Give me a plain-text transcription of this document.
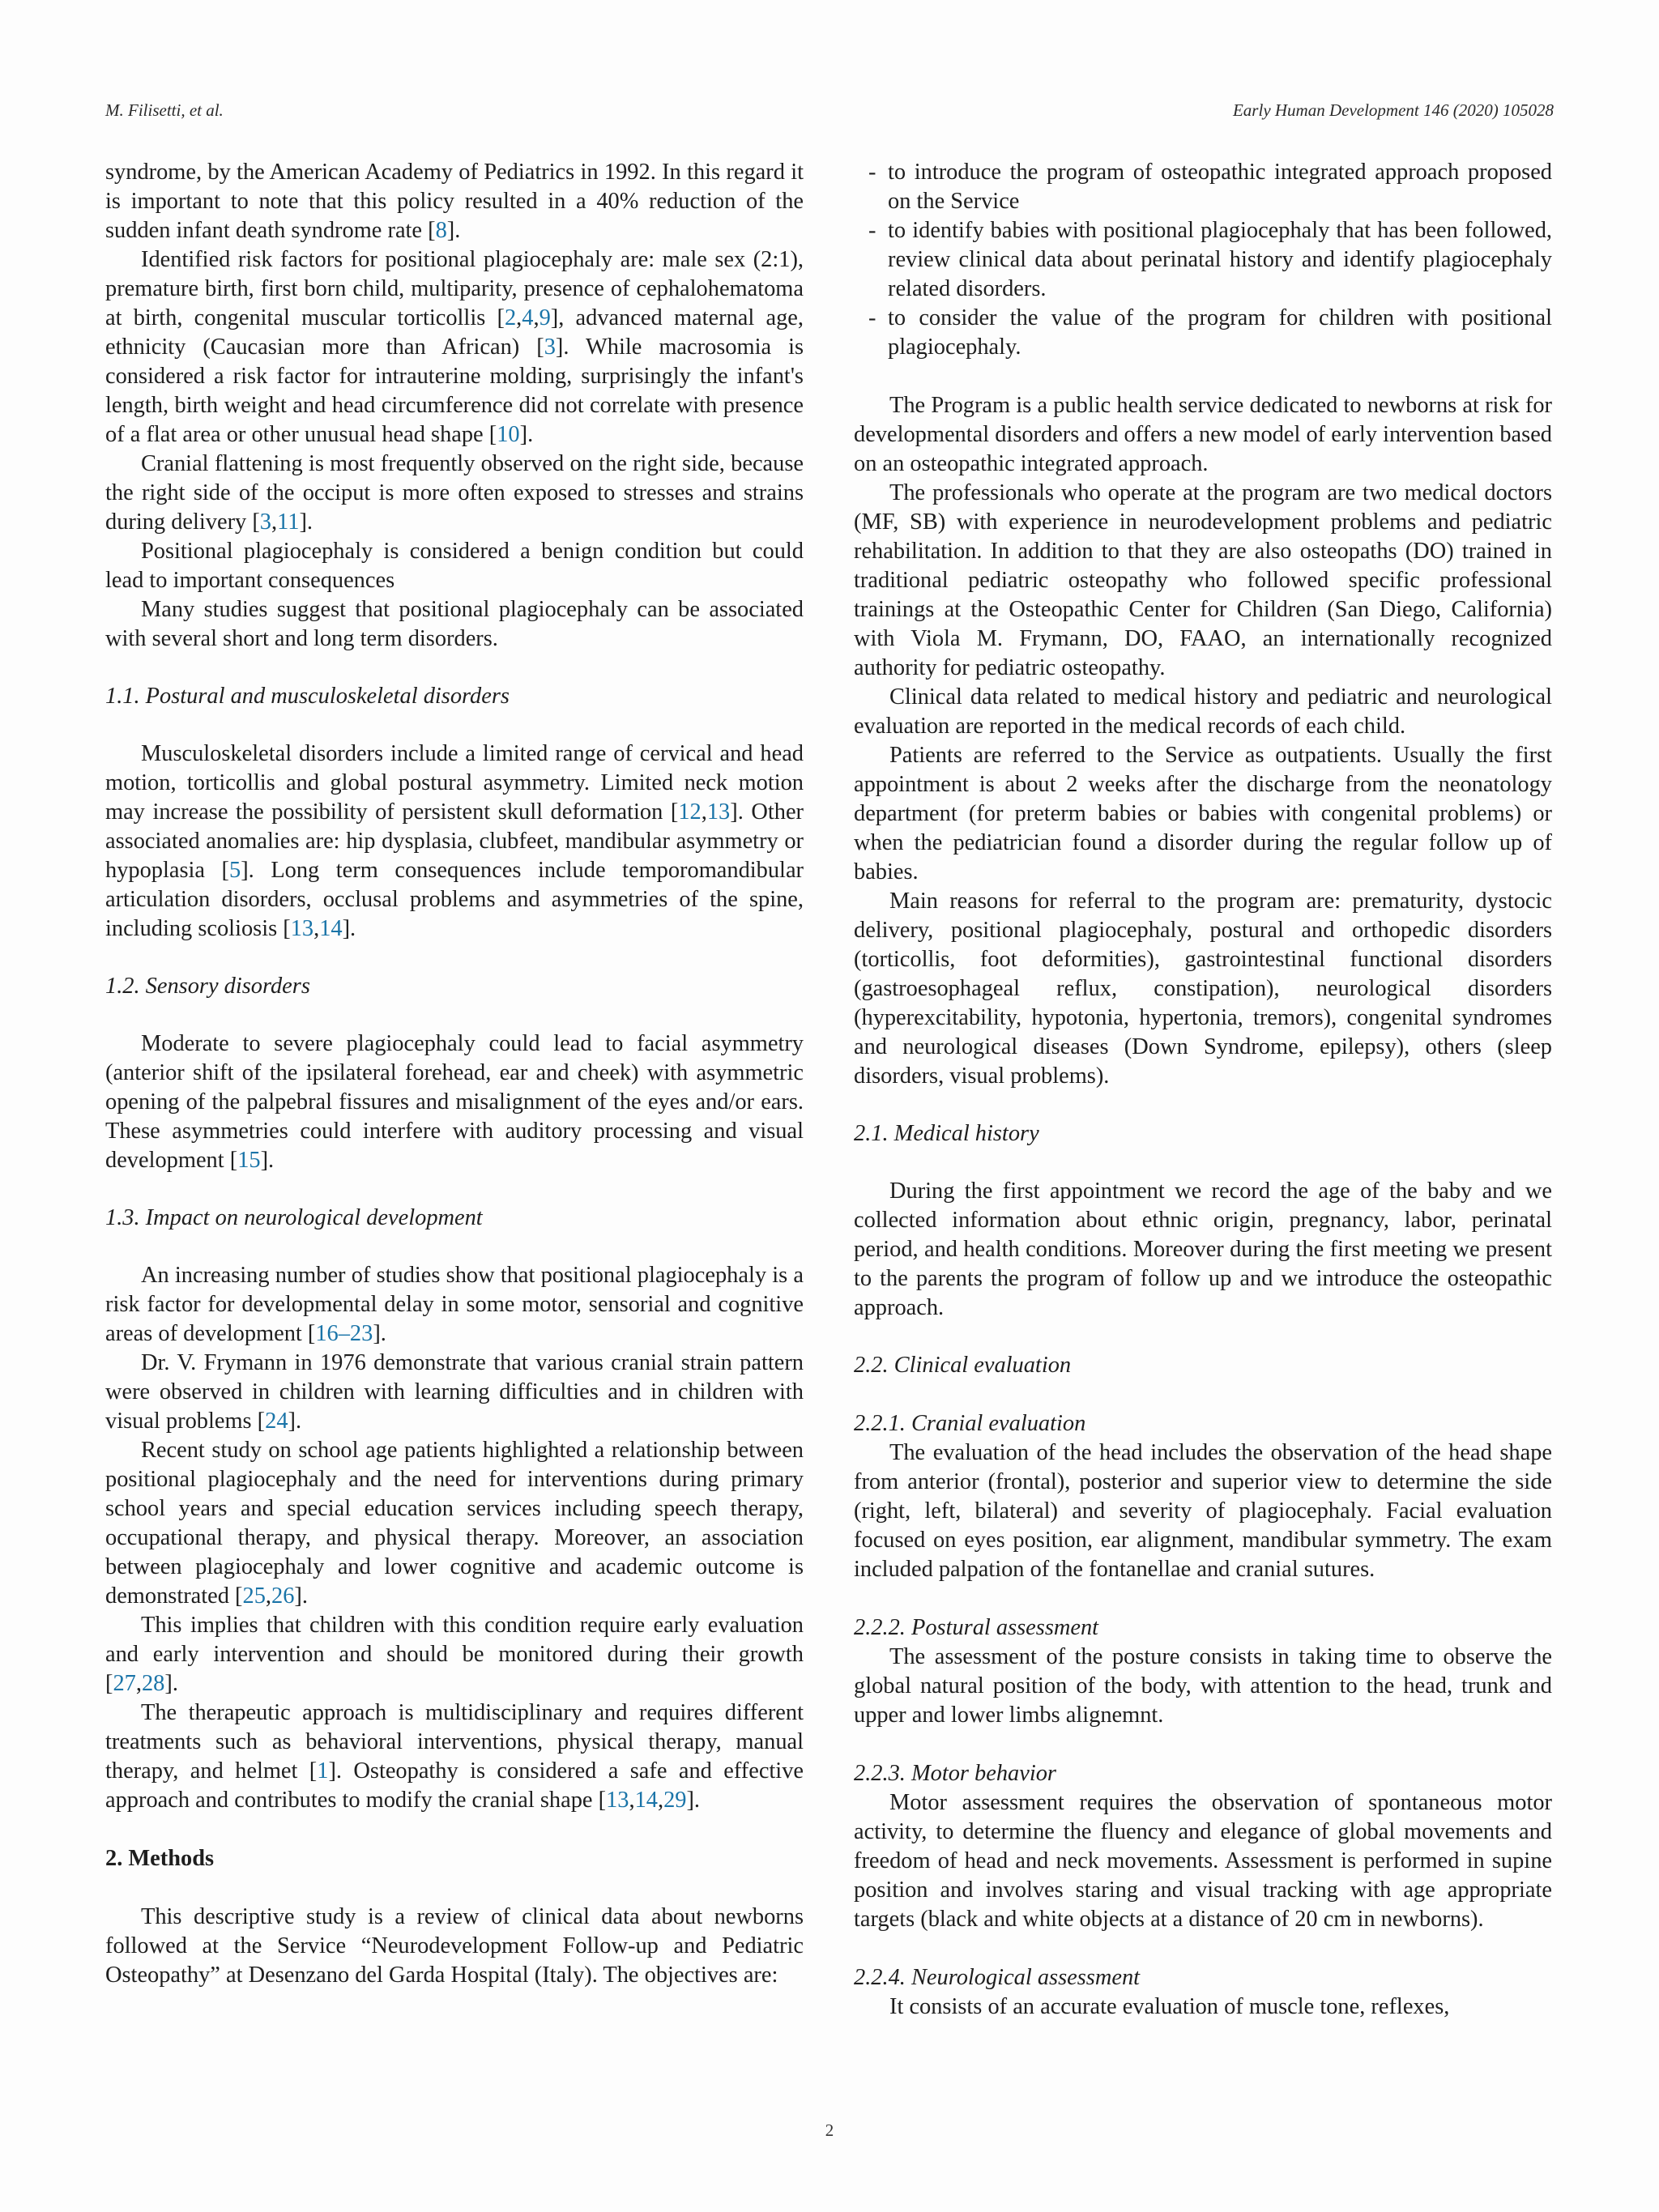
M. Filisetti, et al.	Early Human Development 146 (2020) 105028

syndrome, by the American Academy of Pediatrics in 1992. In this regard it is important to note that this policy resulted in a 40% reduction of the sudden infant death syndrome rate [8].

Identified risk factors for positional plagiocephaly are: male sex (2:1), premature birth, first born child, multiparity, presence of cephalohematoma at birth, congenital muscular torticollis [2,4,9], advanced maternal age, ethnicity (Caucasian more than African) [3]. While macrosomia is considered a risk factor for intrauterine molding, surprisingly the infant's length, birth weight and head circumference did not correlate with presence of a flat area or other unusual head shape [10].

Cranial flattening is most frequently observed on the right side, because the right side of the occiput is more often exposed to stresses and strains during delivery [3,11].

Positional plagiocephaly is considered a benign condition but could lead to important consequences

Many studies suggest that positional plagiocephaly can be associated with several short and long term disorders.

1.1. Postural and musculoskeletal disorders

Musculoskeletal disorders include a limited range of cervical and head motion, torticollis and global postural asymmetry. Limited neck motion may increase the possibility of persistent skull deformation [12,13]. Other associated anomalies are: hip dysplasia, clubfeet, mandibular asymmetry or hypoplasia [5]. Long term consequences include temporomandibular articulation disorders, occlusal problems and asymmetries of the spine, including scoliosis [13,14].

1.2. Sensory disorders

Moderate to severe plagiocephaly could lead to facial asymmetry (anterior shift of the ipsilateral forehead, ear and cheek) with asymmetric opening of the palpebral fissures and misalignment of the eyes and/or ears. These asymmetries could interfere with auditory processing and visual development [15].

1.3. Impact on neurological development

An increasing number of studies show that positional plagiocephaly is a risk factor for developmental delay in some motor, sensorial and cognitive areas of development [16–23].

Dr. V. Frymann in 1976 demonstrate that various cranial strain pattern were observed in children with learning difficulties and in children with visual problems [24].

Recent study on school age patients highlighted a relationship between positional plagiocephaly and the need for interventions during primary school years and special education services including speech therapy, occupational therapy, and physical therapy. Moreover, an association between plagiocephaly and lower cognitive and academic outcome is demonstrated [25,26].

This implies that children with this condition require early evaluation and early intervention and should be monitored during their growth [27,28].

The therapeutic approach is multidisciplinary and requires different treatments such as behavioral interventions, physical therapy, manual therapy, and helmet [1]. Osteopathy is considered a safe and effective approach and contributes to modify the cranial shape [13,14,29].

2. Methods

This descriptive study is a review of clinical data about newborns followed at the Service “Neurodevelopment Follow-up and Pediatric Osteopathy” at Desenzano del Garda Hospital (Italy). The objectives are:

- to introduce the program of osteopathic integrated approach proposed on the Service
- to identify babies with positional plagiocephaly that has been followed, review clinical data about perinatal history and identify plagiocephaly related disorders.
- to consider the value of the program for children with positional plagiocephaly.

The Program is a public health service dedicated to newborns at risk for developmental disorders and offers a new model of early intervention based on an osteopathic integrated approach.

The professionals who operate at the program are two medical doctors (MF, SB) with experience in neurodevelopment problems and pediatric rehabilitation. In addition to that they are also osteopaths (DO) trained in traditional pediatric osteopathy who followed specific professional trainings at the Osteopathic Center for Children (San Diego, California) with Viola M. Frymann, DO, FAAO, an internationally recognized authority for pediatric osteopathy.

Clinical data related to medical history and pediatric and neurological evaluation are reported in the medical records of each child.

Patients are referred to the Service as outpatients. Usually the first appointment is about 2 weeks after the discharge from the neonatology department (for preterm babies or babies with congenital problems) or when the pediatrician found a disorder during the regular follow up of babies.

Main reasons for referral to the program are: prematurity, dystocic delivery, positional plagiocephaly, postural and orthopedic disorders (torticollis, foot deformities), gastrointestinal functional disorders (gastroesophageal reflux, constipation), neurological disorders (hyperexcitability, hypotonia, hypertonia, tremors), congenital syndromes and neurological diseases (Down Syndrome, epilepsy), others (sleep disorders, visual problems).

2.1. Medical history

During the first appointment we record the age of the baby and we collected information about ethnic origin, pregnancy, labor, perinatal period, and health conditions. Moreover during the first meeting we present to the parents the program of follow up and we introduce the osteopathic approach.

2.2. Clinical evaluation
2.2.1. Cranial evaluation

The evaluation of the head includes the observation of the head shape from anterior (frontal), posterior and superior view to determine the side (right, left, bilateral) and severity of plagiocephaly. Facial evaluation focused on eyes position, ear alignment, mandibular symmetry. The exam included palpation of the fontanellae and cranial sutures.

2.2.2. Postural assessment

The assessment of the posture consists in taking time to observe the global natural position of the body, with attention to the head, trunk and upper and lower limbs alignemnt.

2.2.3. Motor behavior

Motor assessment requires the observation of spontaneous motor activity, to determine the fluency and elegance of global movements and freedom of head and neck movements. Assessment is performed in supine position and involves staring and visual tracking with age appropriate targets (black and white objects at a distance of 20 cm in newborns).

2.2.4. Neurological assessment

It consists of an accurate evaluation of muscle tone, reflexes,

2
